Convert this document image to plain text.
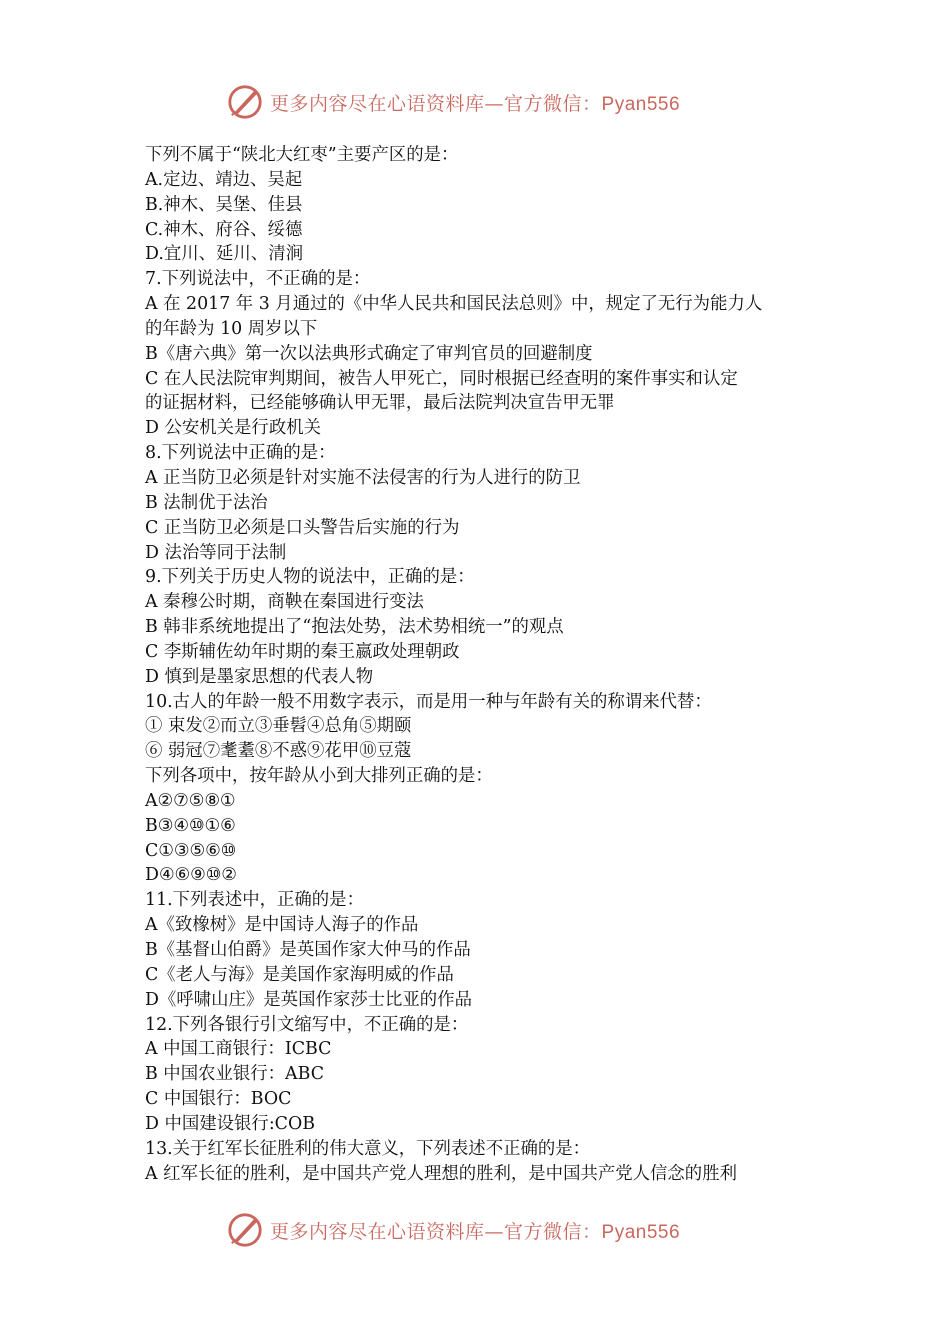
更多内容尽在心语资料库—官方微信：Pyan556
下列不属于“陕北大红枣”主要产区的是：
A.定边、靖边、吴起
B.神木、吴堡、佳县
C.神木、府谷、绥德
D.宜川、延川、清涧
7.下列说法中，不正确的是：
A 在 2017 年 3 月通过的《中华人民共和国民法总则》中，规定了无行为能力人
的年龄为 10 周岁以下
B《唐六典》第一次以法典形式确定了审判官员的回避制度
C 在人民法院审判期间，被告人甲死亡，同时根据已经查明的案件事实和认定
的证据材料，已经能够确认甲无罪，最后法院判决宣告甲无罪
D 公安机关是行政机关
8.下列说法中正确的是：
A 正当防卫必须是针对实施不法侵害的行为人进行的防卫
B 法制优于法治
C 正当防卫必须是口头警告后实施的行为
D 法治等同于法制
9.下列关于历史人物的说法中，正确的是：
A 秦穆公时期，商鞅在秦国进行变法
B 韩非系统地提出了“抱法处势，法术势相统一”的观点
C 李斯辅佐幼年时期的秦王嬴政处理朝政
D 慎到是墨家思想的代表人物
10.古人的年龄一般不用数字表示，而是用一种与年龄有关的称谓来代替：
① 束发②而立③垂髫④总角⑤期颐
⑥ 弱冠⑦耄耋⑧不惑⑨花甲⑩豆蔻
下列各项中，按年龄从小到大排列正确的是：
A②⑦⑤⑧①
B③④⑩①⑥
C①③⑤⑥⑩
D④⑥⑨⑩②
11.下列表述中，正确的是：
A《致橡树》是中国诗人海子的作品
B《基督山伯爵》是英国作家大仲马的作品
C《老人与海》是美国作家海明威的作品
D《呼啸山庄》是英国作家莎士比亚的作品
12.下列各银行引文缩写中，不正确的是：
A 中国工商银行：ICBC
B 中国农业银行：ABC
C 中国银行：BOC
D 中国建设银行:COB
13.关于红军长征胜利的伟大意义，下列表述不正确的是：
A 红军长征的胜利，是中国共产党人理想的胜利，是中国共产党人信念的胜利
更多内容尽在心语资料库—官方微信：Pyan556
